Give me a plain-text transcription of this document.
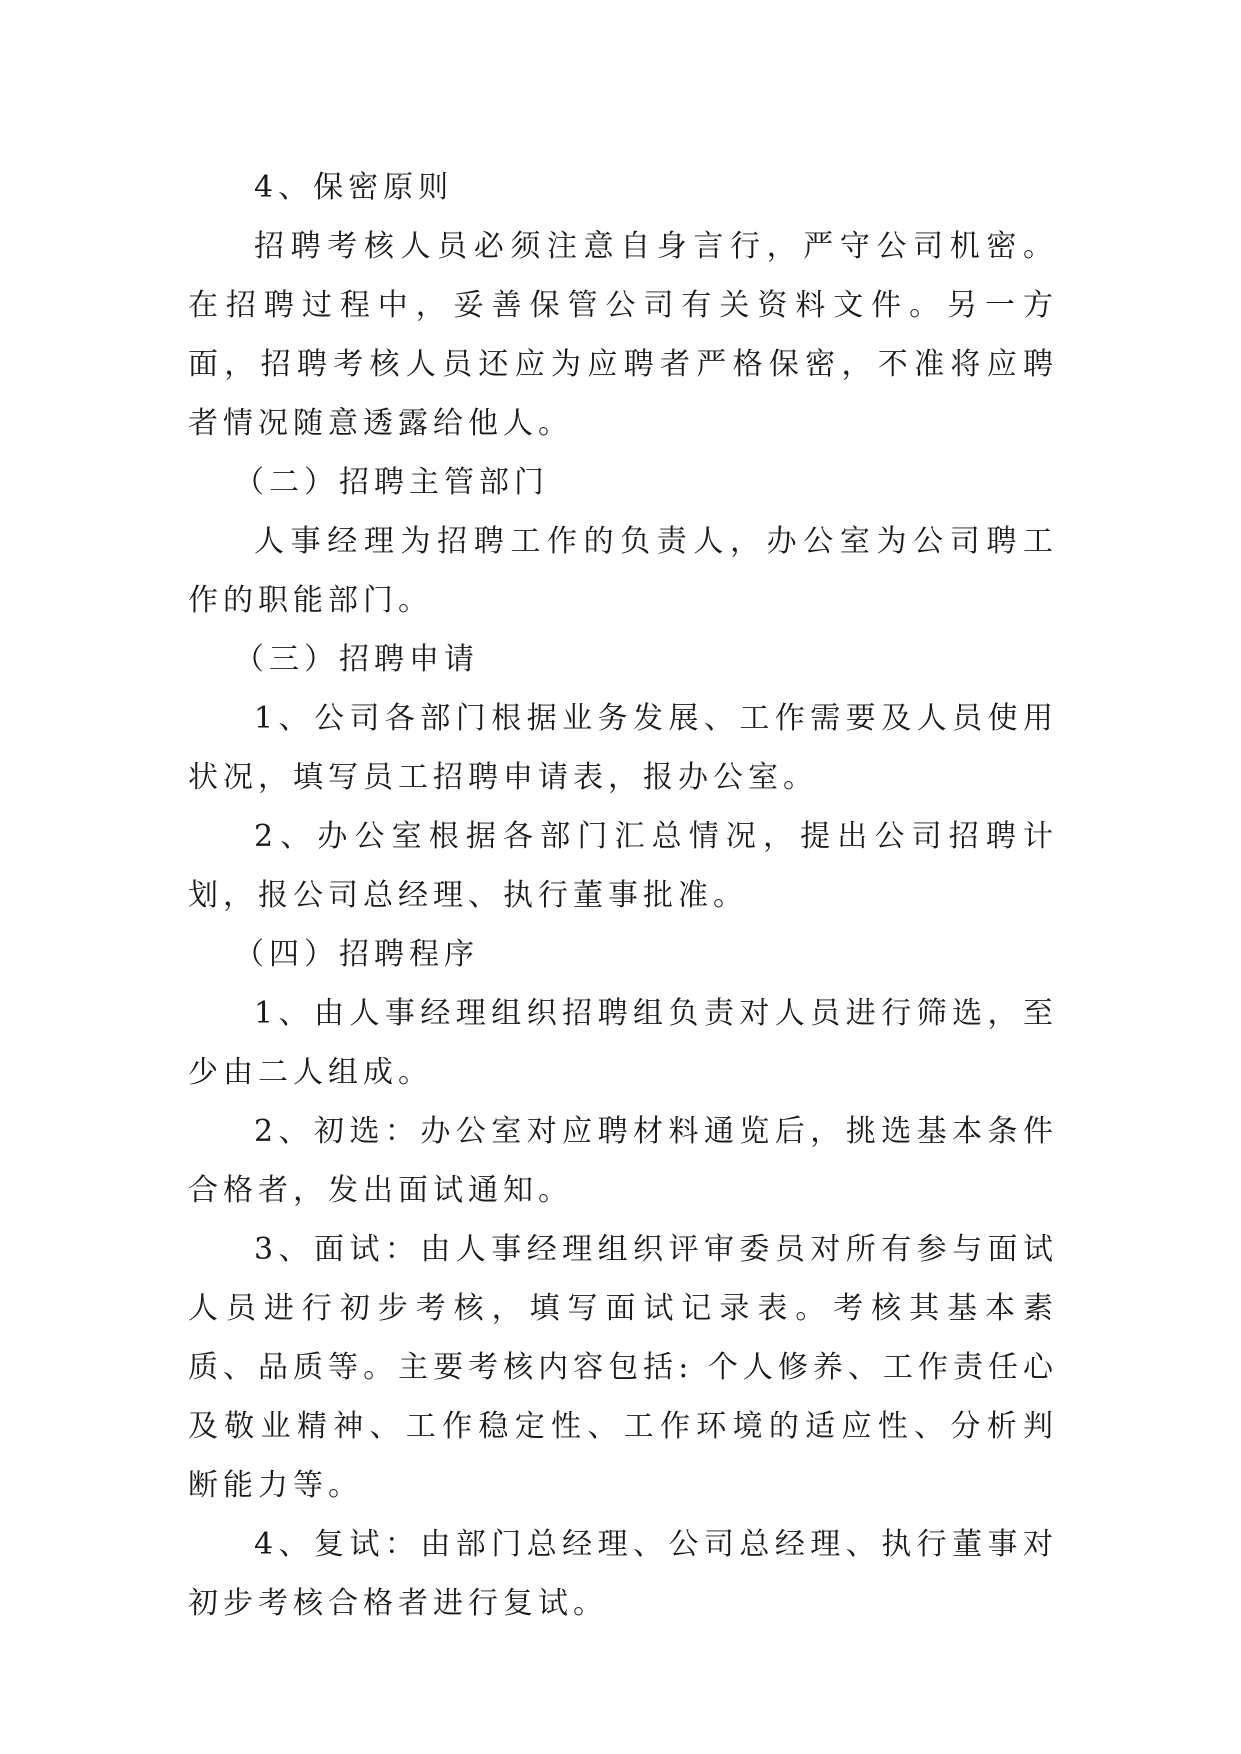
4、保密原则

招聘考核人员必须注意自身言行，严守公司机密。在招聘过程中，妥善保管公司有关资料文件。另一方面，招聘考核人员还应为应聘者严格保密，不准将应聘者情况随意透露给他人。

（二）招聘主管部门

人事经理为招聘工作的负责人，办公室为公司聘工作的职能部门。

（三）招聘申请

1、公司各部门根据业务发展、工作需要及人员使用状况，填写员工招聘申请表，报办公室。

2、办公室根据各部门汇总情况，提出公司招聘计划，报公司总经理、执行董事批准。

（四）招聘程序

1、由人事经理组织招聘组负责对人员进行筛选，至少由二人组成。

2、初选：办公室对应聘材料通览后，挑选基本条件合格者，发出面试通知。

3、面试：由人事经理组织评审委员对所有参与面试人员进行初步考核，填写面试记录表。考核其基本素质、品质等。主要考核内容包括: 个人修养、工作责任心及敬业精神、工作稳定性、工作环境的适应性、分析判断能力等。

4、复试：由部门总经理、公司总经理、执行董事对初步考核合格者进行复试。
